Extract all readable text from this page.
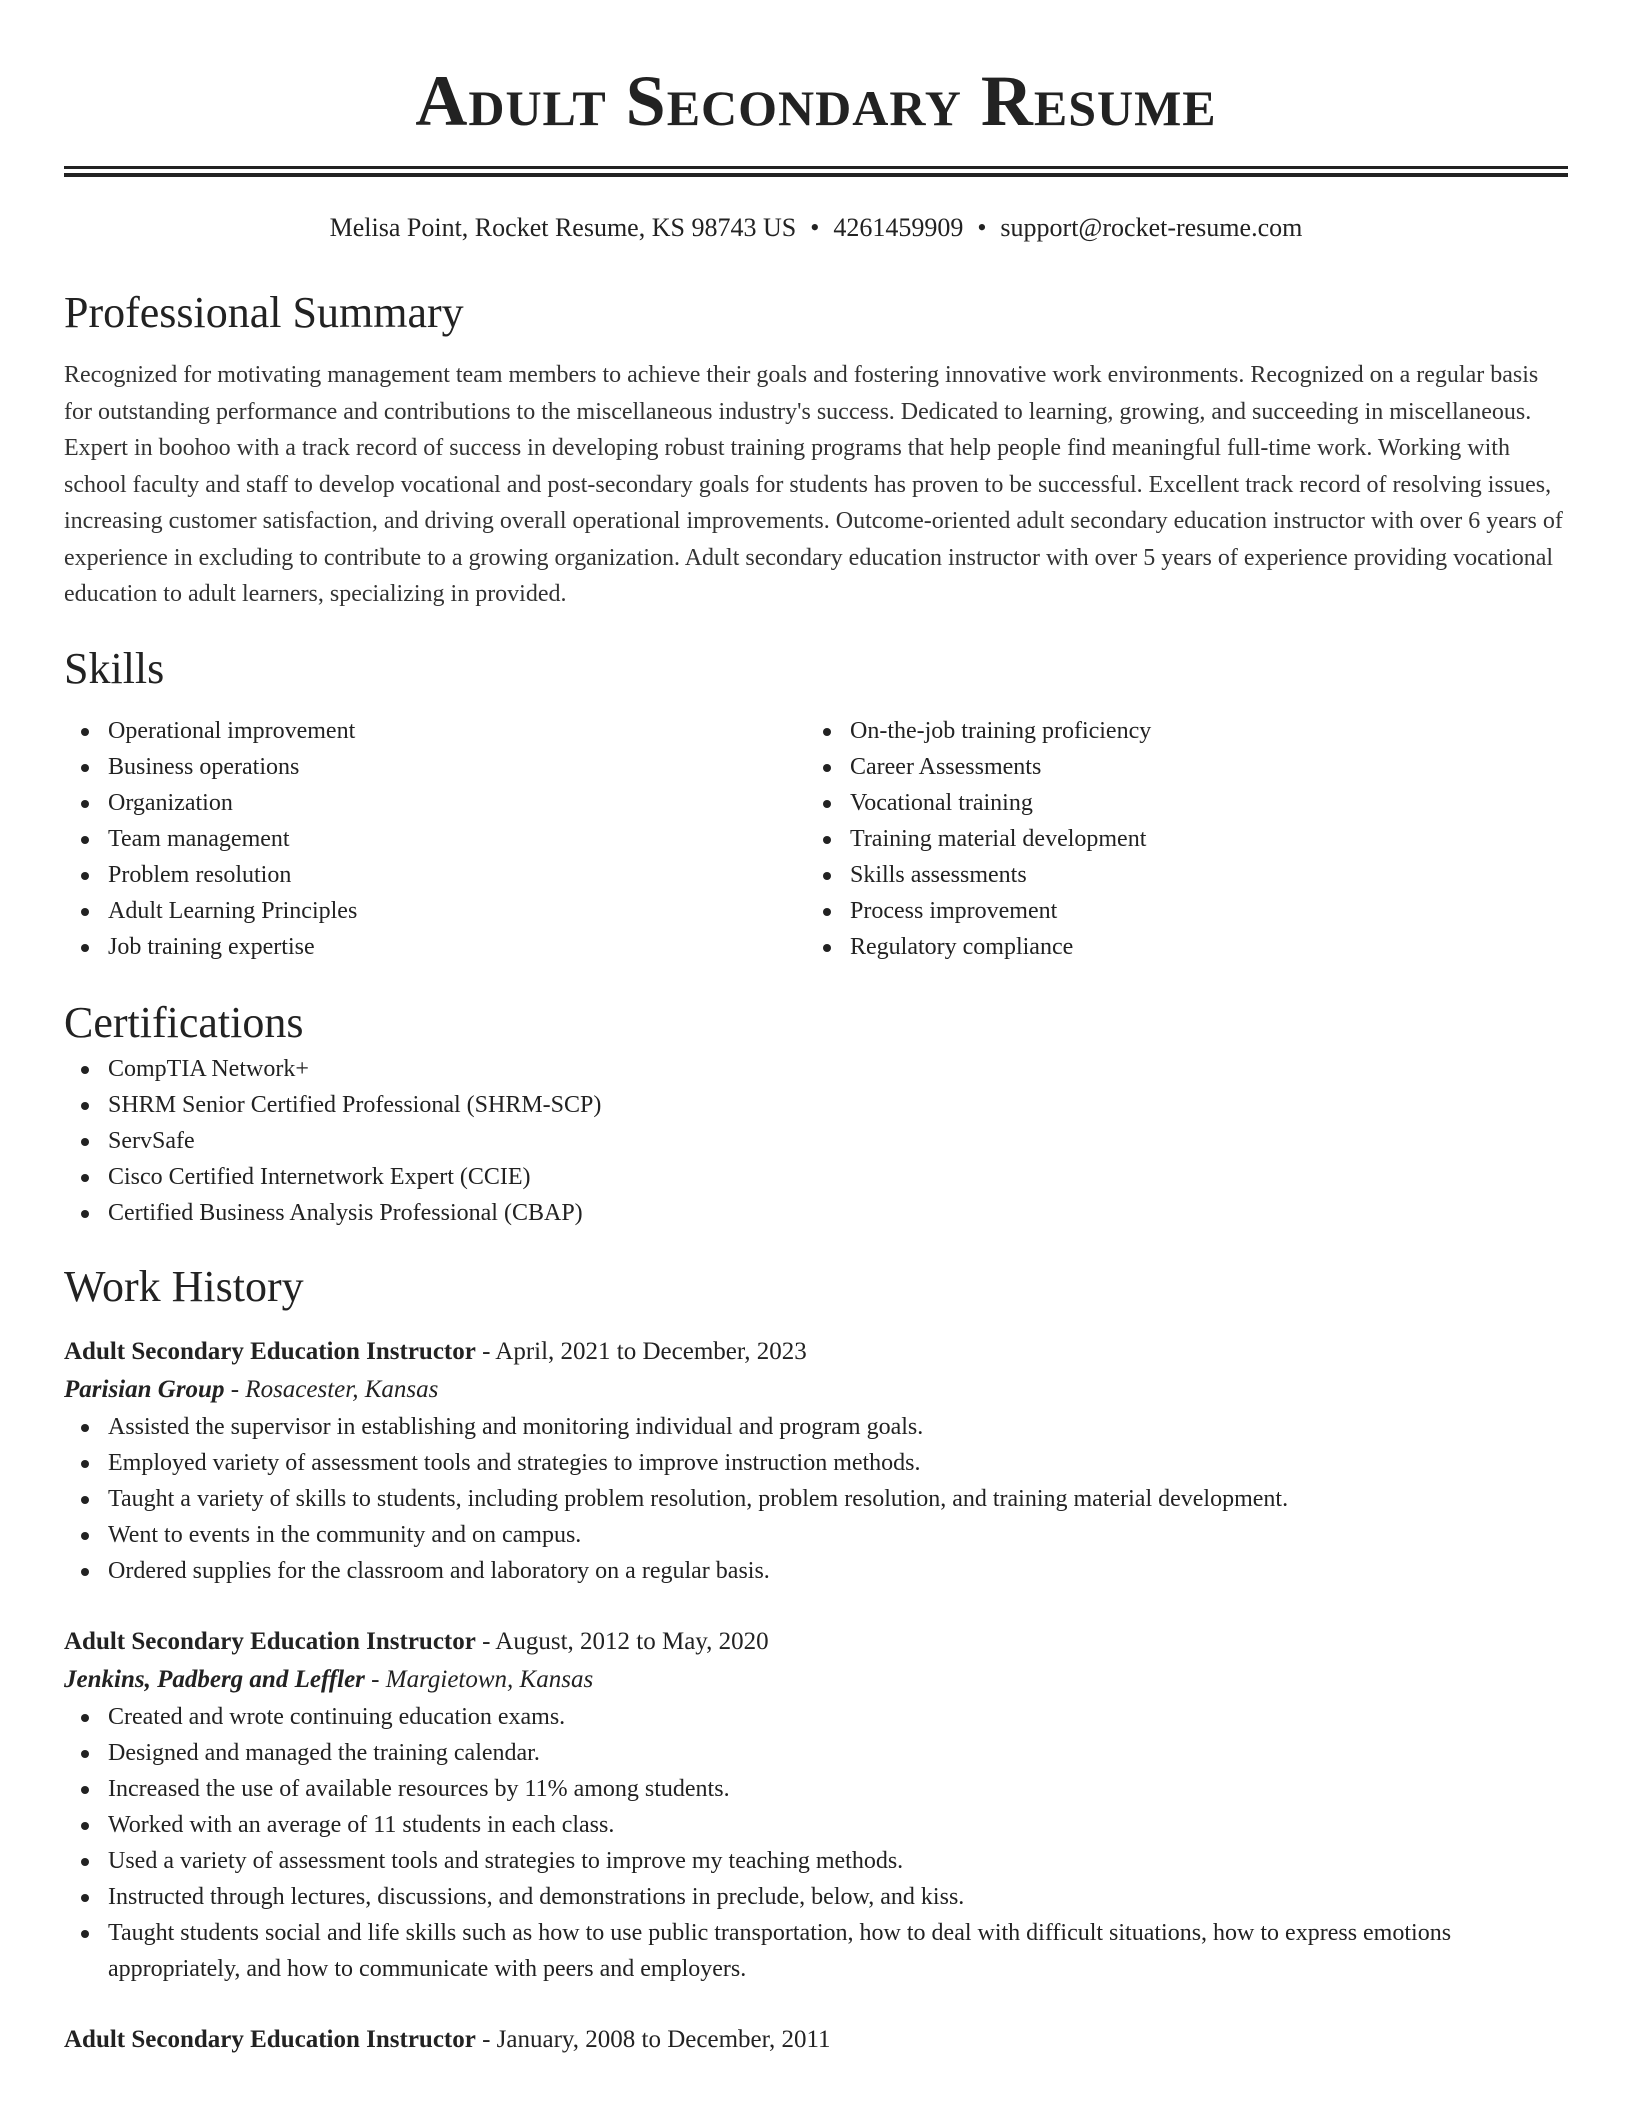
Adult Secondary Resume
Melisa Point, Rocket Resume, KS 98743 US • 4261459909 • support@rocket-resume.com
Professional Summary
Recognized for motivating management team members to achieve their goals and fostering innovative work environments. Recognized on a regular basis for outstanding performance and contributions to the miscellaneous industry's success. Dedicated to learning, growing, and succeeding in miscellaneous. Expert in boohoo with a track record of success in developing robust training programs that help people find meaningful full-time work. Working with school faculty and staff to develop vocational and post-secondary goals for students has proven to be successful. Excellent track record of resolving issues, increasing customer satisfaction, and driving overall operational improvements. Outcome-oriented adult secondary education instructor with over 6 years of experience in excluding to contribute to a growing organization. Adult secondary education instructor with over 5 years of experience providing vocational education to adult learners, specializing in provided.
Skills
Operational improvement
Business operations
Organization
Team management
Problem resolution
Adult Learning Principles
Job training expertise
On-the-job training proficiency
Career Assessments
Vocational training
Training material development
Skills assessments
Process improvement
Regulatory compliance
Certifications
CompTIA Network+
SHRM Senior Certified Professional (SHRM-SCP)
ServSafe
Cisco Certified Internetwork Expert (CCIE)
Certified Business Analysis Professional (CBAP)
Work History
Adult Secondary Education Instructor - April, 2021 to December, 2023
Parisian Group - Rosacester, Kansas
Assisted the supervisor in establishing and monitoring individual and program goals.
Employed variety of assessment tools and strategies to improve instruction methods.
Taught a variety of skills to students, including problem resolution, problem resolution, and training material development.
Went to events in the community and on campus.
Ordered supplies for the classroom and laboratory on a regular basis.
Adult Secondary Education Instructor - August, 2012 to May, 2020
Jenkins, Padberg and Leffler - Margietown, Kansas
Created and wrote continuing education exams.
Designed and managed the training calendar.
Increased the use of available resources by 11% among students.
Worked with an average of 11 students in each class.
Used a variety of assessment tools and strategies to improve my teaching methods.
Instructed through lectures, discussions, and demonstrations in preclude, below, and kiss.
Taught students social and life skills such as how to use public transportation, how to deal with difficult situations, how to express emotions appropriately, and how to communicate with peers and employers.
Adult Secondary Education Instructor - January, 2008 to December, 2011
